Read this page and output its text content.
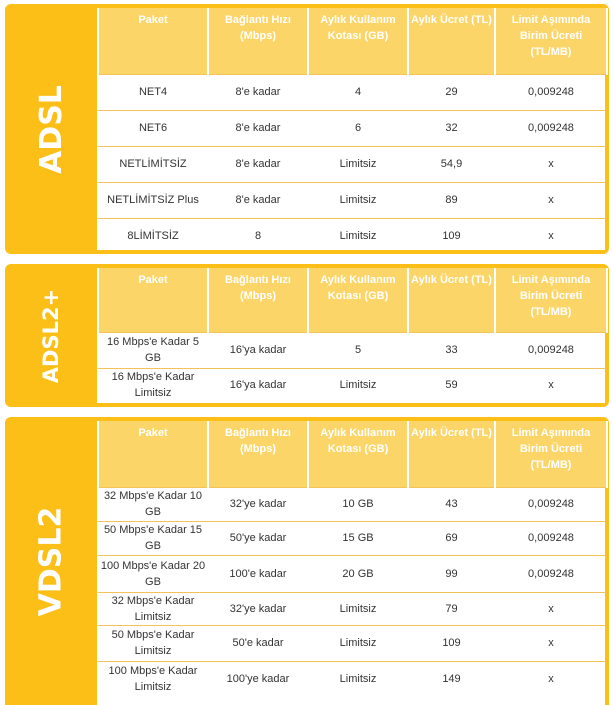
ADSL
Paket	Bağlantı Hızı (Mbps)	Aylık Kullanım Kotası (GB)	Aylık Ücret (TL)	Limit Aşımında Birim Ücreti (TL/MB)
NET4	8'e kadar	4	29	0,009248
NET6	8'e kadar	6	32	0,009248
NETLİMİTSİZ	8'e kadar	Limitsiz	54,9	x
NETLİMİTSİZ Plus	8'e kadar	Limitsiz	89	x
8LİMİTSİZ	8	Limitsiz	109	x
ADSL2+
Paket	Bağlantı Hızı (Mbps)	Aylık Kullanım Kotası (GB)	Aylık Ücret (TL)	Limit Aşımında Birim Ücreti (TL/MB)
16 Mbps'e Kadar 5 GB	16'ya kadar	5	33	0,009248
16 Mbps'e Kadar Limitsiz	16'ya kadar	Limitsiz	59	x
VDSL2
Paket	Bağlantı Hızı (Mbps)	Aylık Kullanım Kotası (GB)	Aylık Ücret (TL)	Limit Aşımında Birim Ücreti (TL/MB)
32 Mbps'e Kadar 10 GB	32'ye kadar	10 GB	43	0,009248
50 Mbps'e Kadar 15 GB	50'ye kadar	15 GB	69	0,009248
100 Mbps'e Kadar 20 GB	100'e kadar	20 GB	99	0,009248
32 Mbps'e Kadar Limitsiz	32'ye kadar	Limitsiz	79	x
50 Mbps'e Kadar Limitsiz	50'e kadar	Limitsiz	109	x
100 Mbps'e Kadar Limitsiz	100'ye kadar	Limitsiz	149	x
